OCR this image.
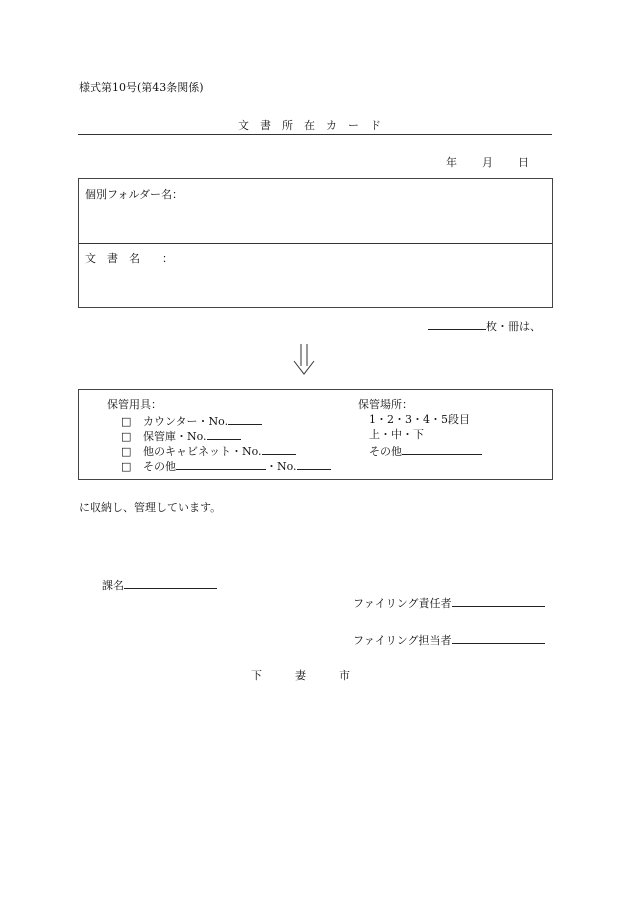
様式第10号(第43条関係)
文書所在カード
年 月 日
個別フォルダー名：
文　書　名　　：
枚・冊は、
保管用具：
□ カウンター・No.
□ 保管庫・No.
□ 他のキャビネット・No.
□ その他	・No.
保管場所：
1・2・3・4・5段目
上・中・下
その他
に収納し、管理しています。
課名
ファイリング責任者
ファイリング担当者
下　　　妻　　　市
